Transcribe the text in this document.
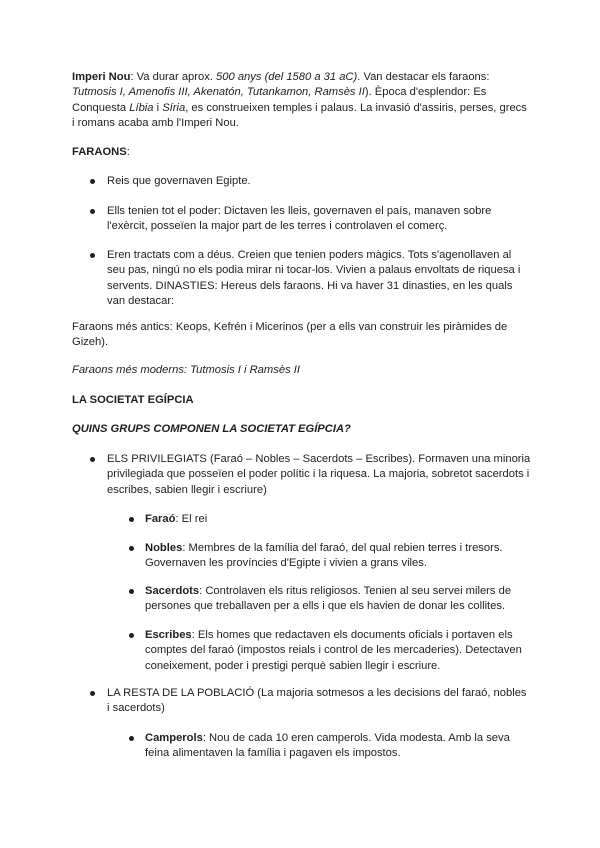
Imperi Nou: Va durar aprox. 500 anys (del 1580 a 31 aC). Van destacar els faraons: Tutmosis I, Amenofis III, Akenatón, Tutankamon, Ramsès II). Època d'esplendor: Es Conquesta Líbia i Síria, es construeixen temples i palaus. La invasió d'assiris, perses, grecs i romans acaba amb l'Imperi Nou.

FARAONS:

Reis que governaven Egipte.

Ells tenien tot el poder: Dictaven les lleis, governaven el país, manaven sobre l'exèrcit, posseïen la major part de les terres i controlaven el comerç.

Eren tractats com a déus. Creien que tenien poders màgics. Tots s'agenollaven al seu pas, ningú no els podia mirar ni tocar-los. Vivien a palaus envoltats de riquesa i servents. DINASTIES: Hereus dels faraons. Hi va haver 31 dinasties, en les quals van destacar:

Faraons més antics: Keops, Kefrén i Micerinos (per a ells van construir les piràmides de Gizeh).

Faraons més moderns: Tutmosis I i Ramsès II

LA SOCIETAT EGÍPCIA

QUINS GRUPS COMPONEN LA SOCIETAT EGÍPCIA?

ELS PRIVILEGIATS (Faraó – Nobles – Sacerdots – Escribes). Formaven una minoria privilegiada que posseïen el poder polític i la riquesa. La majoria, sobretot sacerdots i escribes, sabien llegir i escriure)

Faraó: El rei

Nobles: Membres de la família del faraó, del qual rebien terres i tresors. Governaven les províncies d'Egipte i vivien a grans viles.

Sacerdots: Controlaven els ritus religiosos. Tenien al seu servei milers de persones que treballaven per a ells i que els havien de donar les collites.

Escribes: Els homes que redactaven els documents oficials i portaven els comptes del faraó (impostos reials i control de les mercaderies). Detectaven coneixement, poder i prestigi perquè sabien llegir i escriure.

LA RESTA DE LA POBLACIÓ (La majoria sotmesos a les decisions del faraó, nobles i sacerdots)

Camperols: Nou de cada 10 eren camperols. Vida modesta. Amb la seva feina alimentaven la família i pagaven els impostos.
